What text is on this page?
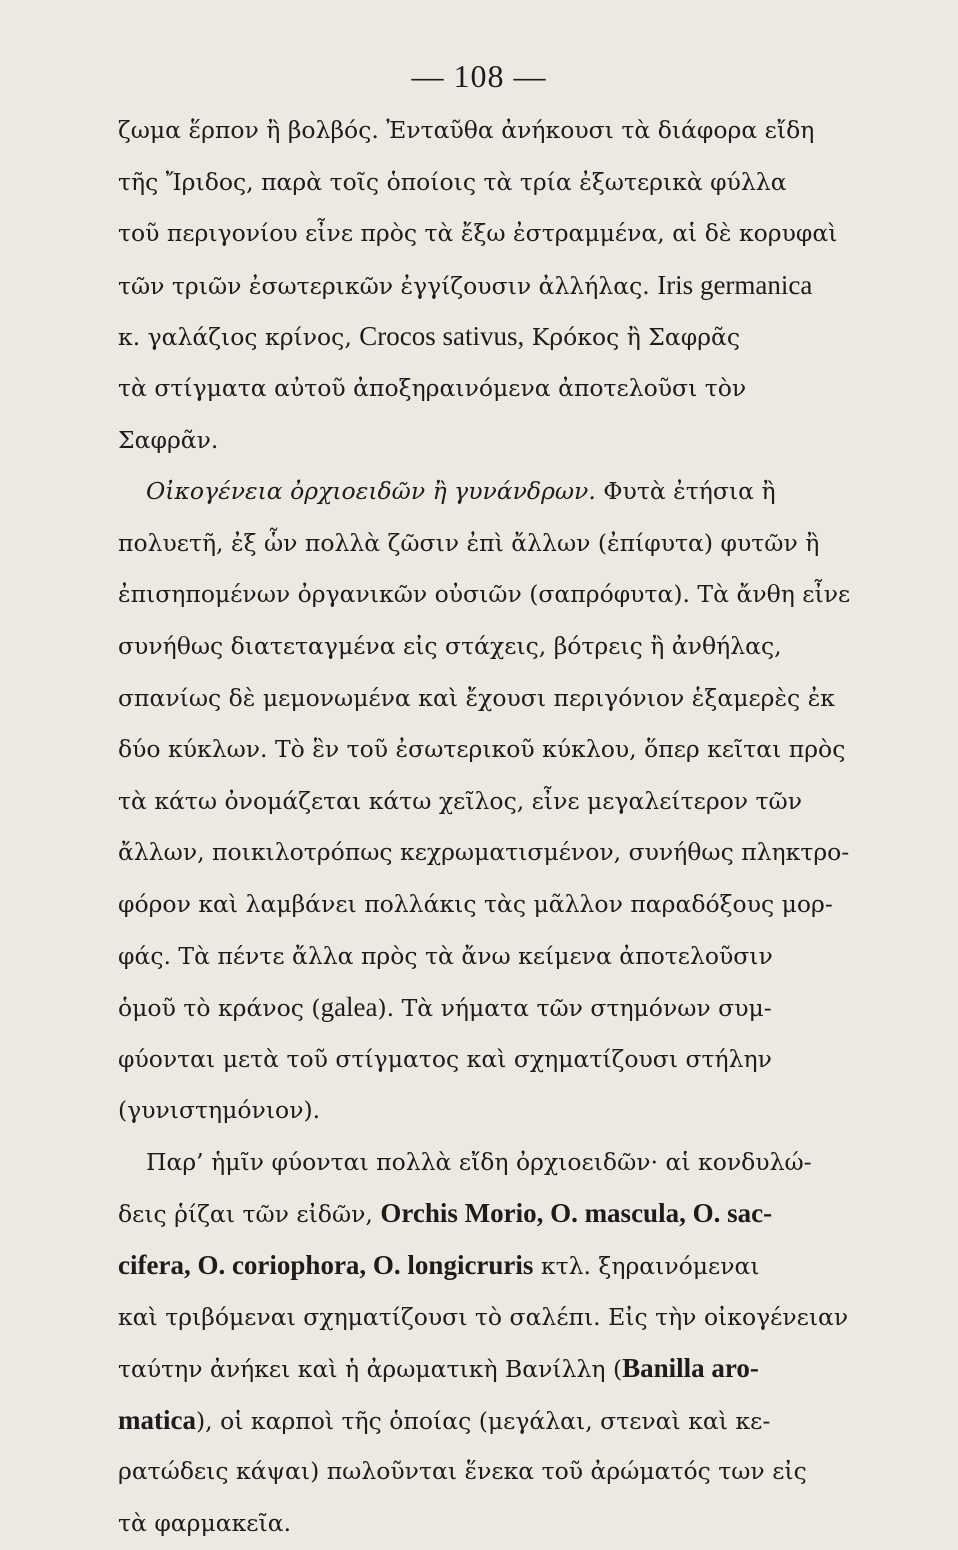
— 108 —
ζωμα ἕρπον ἢ βολβός. Ἐνταῦθα ἀνήκουσι τὰ διάφορα εἴδη
τῆς Ἴριδος, παρὰ τοῖς ὁποίοις τὰ τρία ἐξωτερικὰ φύλλα
τοῦ περιγονίου εἶνε πρὸς τὰ ἔξω ἐστραμμένα, αἱ δὲ κορυφαὶ
τῶν τριῶν ἐσωτερικῶν ἐγγίζουσιν ἀλλήλας. Iris germanica
κ. γαλάζιος κρίνος, Crocos sativus, Κρόκος ἢ Σαφρᾶς
τὰ στίγματα αὐτοῦ ἀποξηραινόμενα ἀποτελοῦσι τὸν
Σαφρᾶν.
Οἰκογένεια ὀρχιοειδῶν ἢ γυνάνδρων. Φυτὰ ἐτήσια ἢ
πολυετῆ, ἐξ ὧν πολλὰ ζῶσιν ἐπὶ ἄλλων (ἐπίφυτα) φυτῶν ἢ
ἐπισηπομένων ὀργανικῶν οὐσιῶν (σαπρόφυτα). Τὰ ἄνθη εἶνε
συνήθως διατεταγμένα εἰς στάχεις, βότρεις ἢ ἀνθήλας,
σπανίως δὲ μεμονωμένα καὶ ἔχουσι περιγόνιον ἑξαμερὲς ἐκ
δύο κύκλων. Τὸ ἓν τοῦ ἐσωτερικοῦ κύκλου, ὅπερ κεῖται πρὸς
τὰ κάτω ὀνομάζεται κάτω χεῖλος, εἶνε μεγαλείτερον τῶν
ἄλλων, ποικιλοτρόπως κεχρωματισμένον, συνήθως πληκτρο-
φόρον καὶ λαμβάνει πολλάκις τὰς μᾶλλον παραδόξους μορ-
φάς. Τὰ πέντε ἄλλα πρὸς τὰ ἄνω κείμενα ἀποτελοῦσιν
ὁμοῦ τὸ κράνος (galea). Τὰ νήματα τῶν στημόνων συμ-
φύονται μετὰ τοῦ στίγματος καὶ σχηματίζουσι στήλην
(γυνιστημόνιον).
Παρ’ ἡμῖν φύονται πολλὰ εἴδη ὀρχιοειδῶν· αἱ κονδυλώ-
δεις ῥίζαι τῶν εἰδῶν, Orchis Morio, O. mascula, O. sac-
cifera, O. coriophora, O. longicruris κτλ. ξηραινόμεναι
καὶ τριβόμεναι σχηματίζουσι τὸ σαλέπι. Εἰς τὴν οἰκογένειαν
ταύτην ἀνήκει καὶ ἡ ἀρωματικὴ Βανίλλη (Banilla aro-
matica), οἱ καρποὶ τῆς ὁποίας (μεγάλαι, στεναὶ καὶ κε-
ρατώδεις κάψαι) πωλοῦνται ἕνεκα τοῦ ἀρώματός των εἰς
τὰ φαρμακεῖα.
